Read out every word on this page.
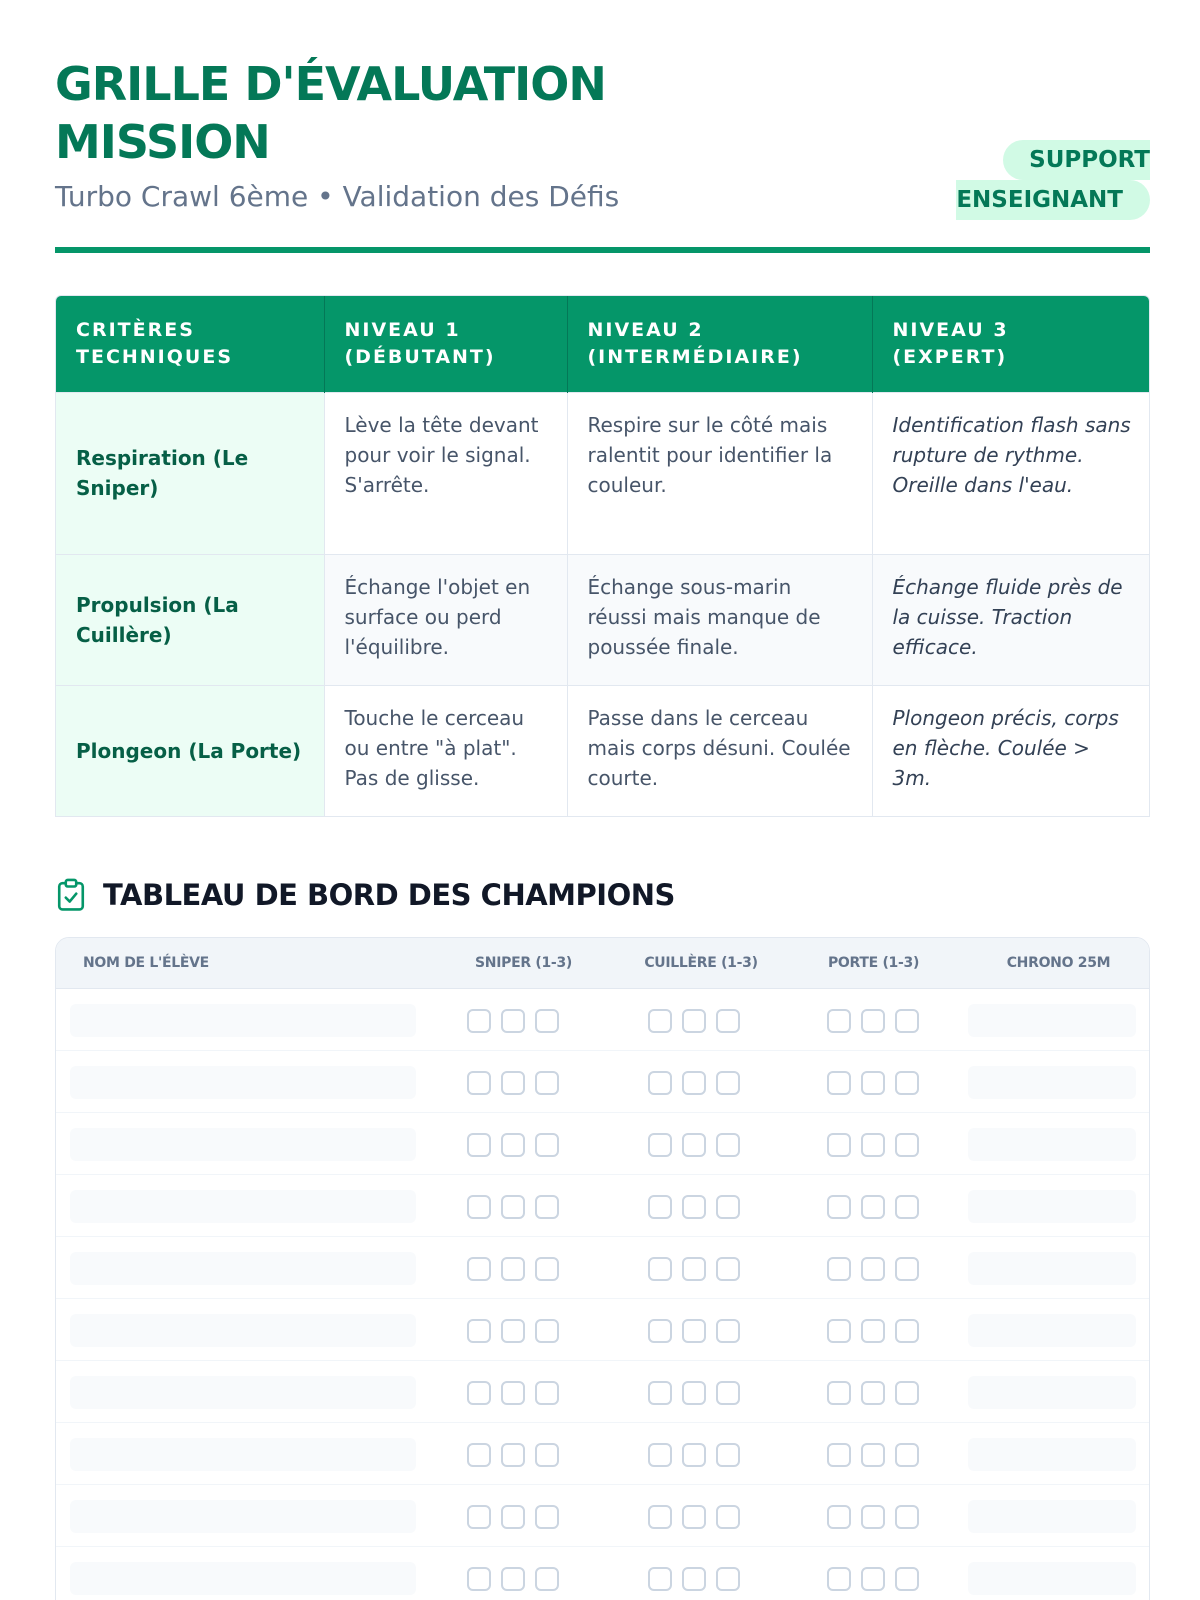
GRILLE D'ÉVALUATION MISSION
Turbo Crawl 6ème • Validation des Défis
SUPPORT
ENSEIGNANT
CRITÈRES TECHNIQUES	NIVEAU 1 (DÉBUTANT)	NIVEAU 2 (INTERMÉDIAIRE)	NIVEAU 3 (EXPERT)
Respiration (Le Sniper)	Lève la tête devant pour voir le signal. S'arrête.	Respire sur le côté mais ralentit pour identifier la couleur.	Identification flash sans rupture de rythme. Oreille dans l'eau.
Propulsion (La Cuillère)	Échange l'objet en surface ou perd l'équilibre.	Échange sous-marin réussi mais manque de poussée finale.	Échange fluide près de la cuisse. Traction efficace.
Plongeon (La Porte)	Touche le cerceau ou entre "à plat". Pas de glisse.	Passe dans le cerceau mais corps désuni. Coulée courte.	Plongeon précis, corps en flèche. Coulée > 3m.
TABLEAU DE BORD DES CHAMPIONS
NOM DE L'ÉLÈVE	SNIPER (1-3)	CUILLÈRE (1-3)	PORTE (1-3)	CHRONO 25M
